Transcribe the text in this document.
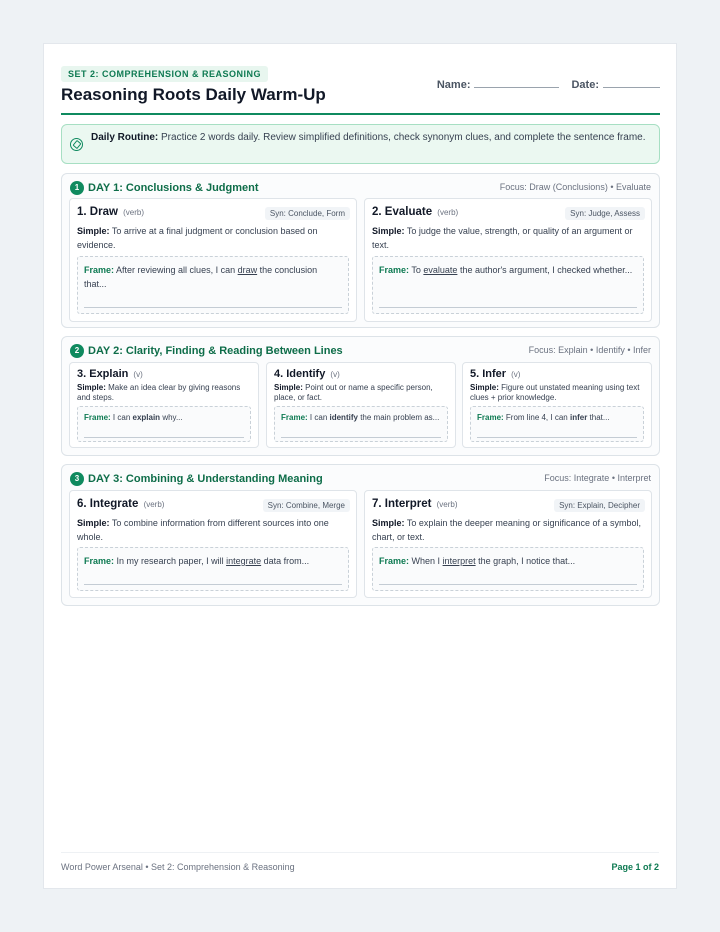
SET 2: COMPREHENSION & REASONING
Reasoning Roots Daily Warm-Up	Name:	Date:
Daily Routine: Practice 2 words daily. Review simplified definitions, check synonym clues, and complete the sentence frame.
1 DAY 1: Conclusions & Judgment	Focus: Draw (Conclusions) • Evaluate
1. Draw (verb)	Syn: Conclude, Form
Simple: To arrive at a final judgment or conclusion based on evidence.
Frame: After reviewing all clues, I can draw the conclusion that...
2. Evaluate (verb)	Syn: Judge, Assess
Simple: To judge the value, strength, or quality of an argument or text.
Frame: To evaluate the author's argument, I checked whether...
2 DAY 2: Clarity, Finding & Reading Between Lines	Focus: Explain • Identify • Infer
3. Explain (v)
Simple: Make an idea clear by giving reasons and steps.
Frame: I can explain why...
4. Identify (v)
Simple: Point out or name a specific person, place, or fact.
Frame: I can identify the main problem as...
5. Infer (v)
Simple: Figure out unstated meaning using text clues + prior knowledge.
Frame: From line 4, I can infer that...
3 DAY 3: Combining & Understanding Meaning	Focus: Integrate • Interpret
6. Integrate (verb)	Syn: Combine, Merge
Simple: To combine information from different sources into one whole.
Frame: In my research paper, I will integrate data from...
7. Interpret (verb)	Syn: Explain, Decipher
Simple: To explain the deeper meaning or significance of a symbol, chart, or text.
Frame: When I interpret the graph, I notice that...
Word Power Arsenal • Set 2: Comprehension & Reasoning	Page 1 of 2
